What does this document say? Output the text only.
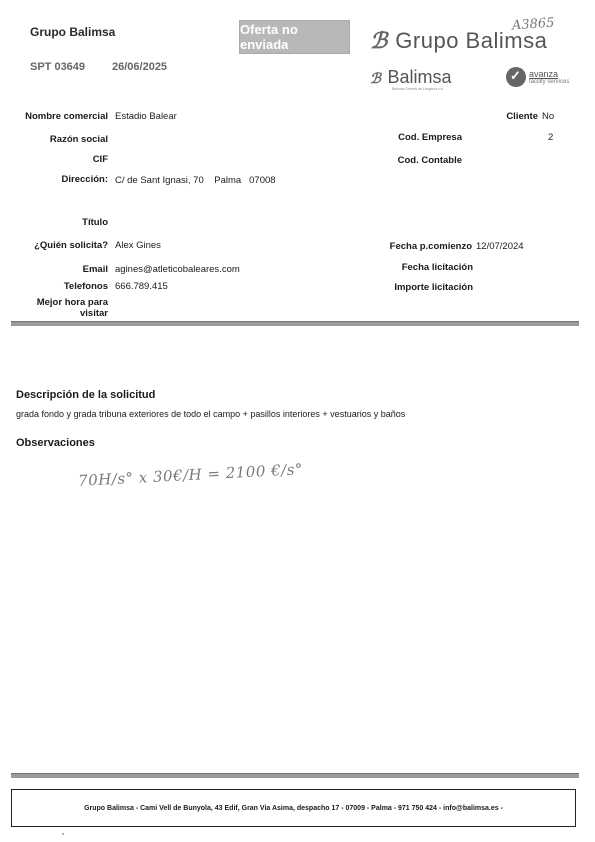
Grupo Balimsa
SPT 03649 26/06/2025
Oferta no enviada
A3865
ℬ Grupo Balimsa
ℬ Balimsa
Balimsa Serveis de Limpieza s.a.
✓
avanza
facility services
Nombre comercial Estadio Balear
Razón social
CIF
Dirección: C/ de Sant Ignasi, 70    Palma   07008
Cliente No
Cod. Empresa	2
Cod. Contable
Título
¿Quién solicita? Alex Gines
Email agines@atleticobaleares.com
Telefonos 666.789.415
Mejor hora para
visitar
Fecha p.comienzo 12/07/2024
Fecha licitación
Importe licitación
Descripción de la solicitud
grada fondo y grada tribuna exteriores de todo el campo + pasillos interiores + vestuarios y baños
Observaciones
70H/s° x 30€/H = 2100 €/s°
Grupo Balimsa - Cami Vell de Bunyola, 43 Edif, Gran Via Asima, despacho 17 - 07009 - Palma - 971 750 424 - info@balimsa.es -
